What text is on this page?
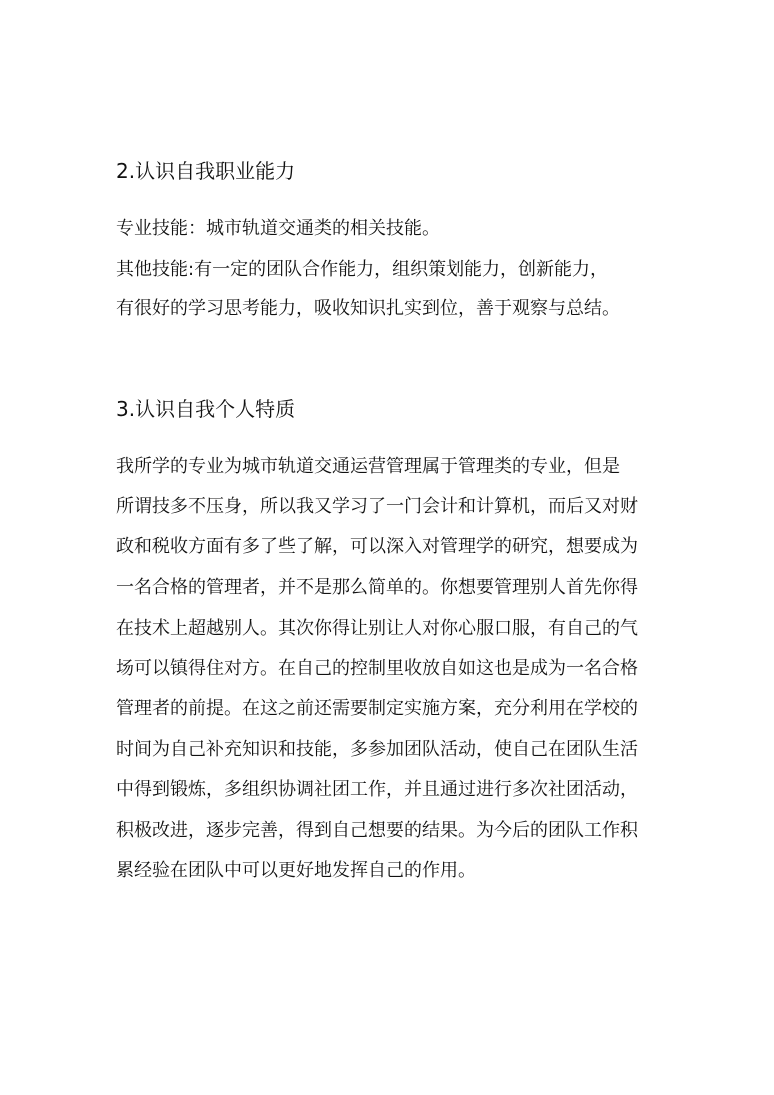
2.认识自我职业能力

专业技能：城市轨道交通类的相关技能。

其他技能:有一定的团队合作能力，组织策划能力，创新能力，

有很好的学习思考能力，吸收知识扎实到位，善于观察与总结。

3.认识自我个人特质

我所学的专业为城市轨道交通运营管理属于管理类的专业，但是

所谓技多不压身，所以我又学习了一门会计和计算机，而后又对财

政和税收方面有多了些了解，可以深入对管理学的研究，想要成为

一名合格的管理者，并不是那么简单的。你想要管理别人首先你得

在技术上超越别人。其次你得让别让人对你心服口服，有自己的气

场可以镇得住对方。在自己的控制里收放自如这也是成为一名合格

管理者的前提。在这之前还需要制定实施方案，充分利用在学校的

时间为自己补充知识和技能，多参加团队活动，使自己在团队生活

中得到锻炼，多组织协调社团工作，并且通过进行多次社团活动，

积极改进，逐步完善，得到自己想要的结果。为今后的团队工作积

累经验在团队中可以更好地发挥自己的作用。
